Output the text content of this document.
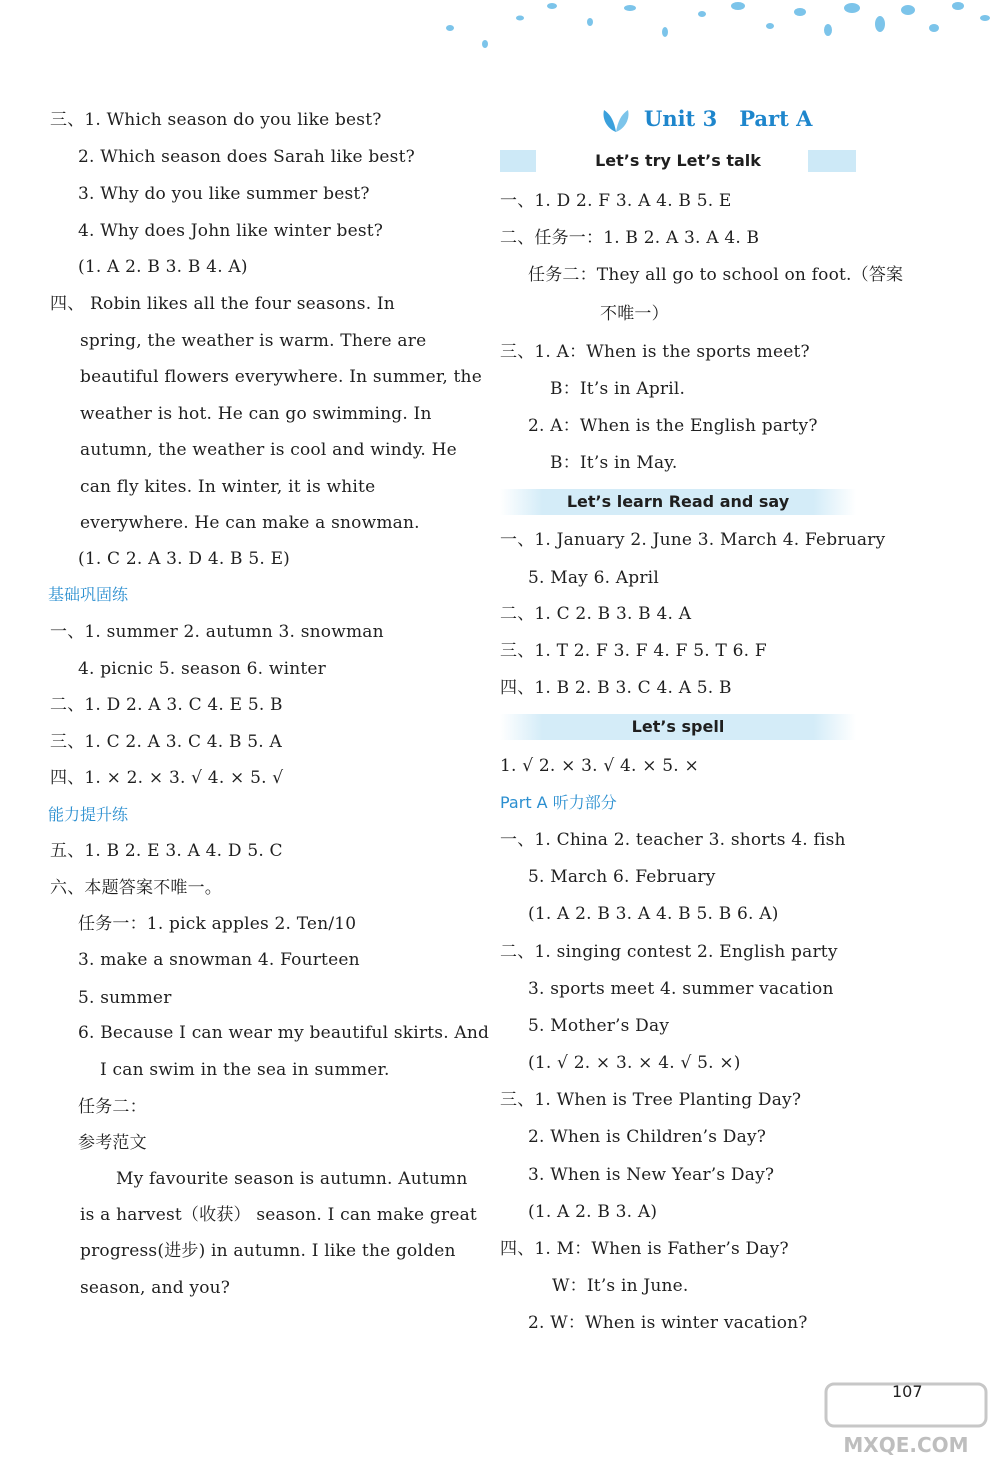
三、1. Which season do you like best?
2. Which season does Sarah like best?
3. Why do you like summer best?
4. Why does John like winter best?
(1. A 2. B 3. B 4. A)
四、 Robin likes all the four seasons. In
spring, the weather is warm. There are
beautiful flowers everywhere. In summer, the
weather is hot. He can go swimming. In
autumn, the weather is cool and windy. He
can fly kites. In winter, it is white
everywhere. He can make a snowman.
(1. C 2. A 3. D 4. B 5. E)
基础巩固练
一、1. summer 2. autumn 3. snowman
4. picnic 5. season 6. winter
二、1. D 2. A 3. C 4. E 5. B
三、1. C 2. A 3. C 4. B 5. A
四、1. × 2. × 3. √ 4. × 5. √
能力提升练
五、1. B 2. E 3. A 4. D 5. C
六、本题答案不唯一。
任务一：1. pick apples 2. Ten/10
3. make a snowman 4. Fourteen
5. summer
6. Because I can wear my beautiful skirts. And
I can swim in the sea in summer.
任务二：
参考范文
My favourite season is autumn. Autumn
is a harvest（收获） season. I can make great
progress(进步) in autumn. I like the golden
season, and you?
Unit 3 Part A
Let’s try Let’s talk
一、1. D 2. F 3. A 4. B 5. E
二、任务一：1. B 2. A 3. A 4. B
任务二：They all go to school on foot.（答案
不唯一）
三、1. A：When is the sports meet?
B：It’s in April.
2. A：When is the English party?
B：It’s in May.
Let’s learn Read and say
一、1. January 2. June 3. March 4. February
5. May 6. April
二、1. C 2. B 3. B 4. A
三、1. T 2. F 3. F 4. F 5. T 6. F
四、1. B 2. B 3. C 4. A 5. B
Let’s spell
1. √ 2. × 3. √ 4. × 5. ×
Part A 听力部分
一、1. China 2. teacher 3. shorts 4. fish
5. March 6. February
(1. A 2. B 3. A 4. B 5. B 6. A)
二、1. singing contest 2. English party
3. sports meet 4. summer vacation
5. Mother’s Day
(1. √ 2. × 3. × 4. √ 5. ×)
三、1. When is Tree Planting Day?
2. When is Children’s Day?
3. When is New Year’s Day?
(1. A 2. B 3. A)
四、1. M：When is Father’s Day?
W：It’s in June.
2. W：When is winter vacation?
107
MXQE.COM
